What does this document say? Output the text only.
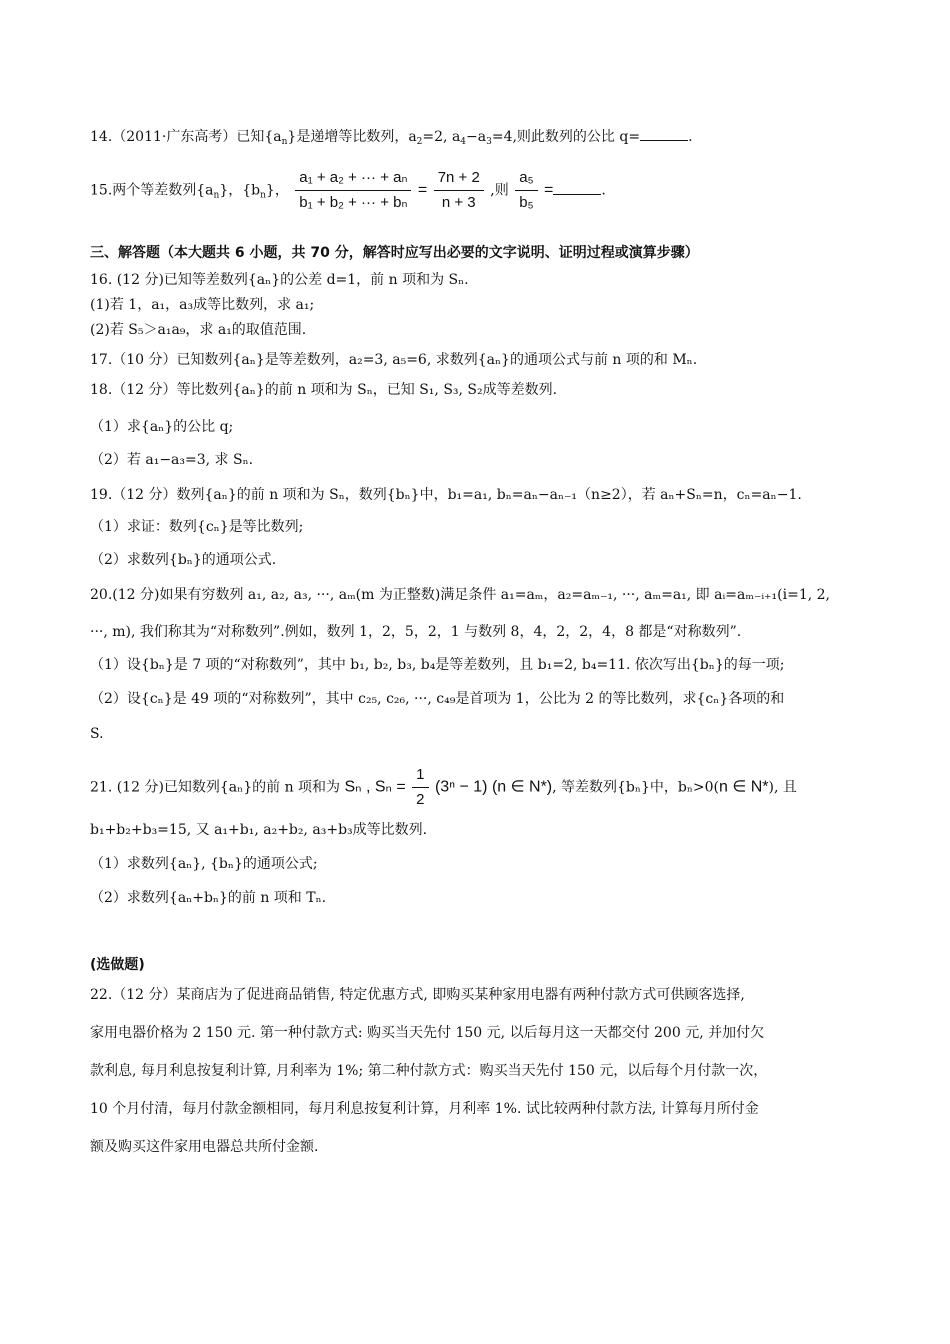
14.（2011·广东高考）已知$\{a_n\}$是递增等比数列，$a_2=2$, $a_4-a_3=4$,则此数列的公比 q=	.
15.两个等差数列$\{a_n\}$，$\{b_n\}$， $\frac{\text{a₁ + a₂ + ··· + aₙ}}{\text{b₁ + b₂ + ··· + bₙ}} = \frac{7n + 2}{n + 3}$ ,则 $\frac{\text{a₅}}{\text{b₅}}$ =	.
三、解答题（本大题共 6 小题，共 70 分，解答时应写出必要的文字说明、证明过程或演算步骤）
16. (12 分)已知等差数列{aₙ}的公差 d=1，前 n 项和为 Sₙ.
(1)若 1，a₁，a₃成等比数列，求 a₁;
(2)若 S₅＞a₁a₉，求 a₁的取值范围.
17.（10 分）已知数列{aₙ}是等差数列，a₂=3, a₅=6, 求数列{aₙ}的通项公式与前 n 项的和 Mₙ.
18.（12 分）等比数列{aₙ}的前 n 项和为 Sₙ，已知 S₁, S₃, S₂成等差数列.
（1）求{aₙ}的公比 q;
（2）若 a₁−a₃=3, 求 Sₙ.
19.（12 分）数列{aₙ}的前 n 项和为 Sₙ，数列{bₙ}中，b₁=a₁, bₙ=aₙ−aₙ₋₁（n≥2），若 aₙ+Sₙ=n，cₙ=aₙ−1.
（1）求证：数列{cₙ}是等比数列;
（2）求数列{bₙ}的通项公式.
20.(12 分)如果有穷数列 a₁, a₂, a₃, ···, aₘ(m 为正整数)满足条件 a₁=aₘ，a₂=aₘ₋₁, ···, aₘ=a₁, 即 aᵢ=aₘ₋ᵢ₊₁(i=1, 2,
···, m), 我们称其为“对称数列”.例如，数列 1，2，5，2，1 与数列 8，4，2，2，4，8 都是“对称数列”.
（1）设{bₙ}是 7 项的“对称数列”，其中 b₁, b₂, b₃, b₄是等差数列，且 b₁=2, b₄=11. 依次写出{bₙ}的每一项;
（2）设{cₙ}是 49 项的“对称数列”，其中 c₂₅, c₂₆, ···, c₄₉是首项为 1，公比为 2 的等比数列，求{cₙ}各项的和
S.
21. (12 分)已知数列{aₙ}的前 n 项和为 Sₙ , $S_n = \frac{1}{2} (3^n - 1)$ (n ∈ N*), 等差数列{bₙ}中，bₙ>0(n ∈ N*), 且
b₁+b₂+b₃=15, 又 a₁+b₁, a₂+b₂, a₃+b₃成等比数列.
（1）求数列{aₙ}, {bₙ}的通项公式;
（2）求数列{aₙ+bₙ}的前 n 项和 Tₙ.
(选做题)
22.（12 分）某商店为了促进商品销售, 特定优惠方式, 即购买某种家用电器有两种付款方式可供顾客选择,
家用电器价格为 2 150 元. 第一种付款方式: 购买当天先付 150 元, 以后每月这一天都交付 200 元, 并加付欠
款利息, 每月利息按复利计算, 月利率为 1%; 第二种付款方式：购买当天先付 150 元，以后每个月付款一次，
10 个月付清，每月付款金额相同，每月利息按复利计算，月利率 1%. 试比较两种付款方法, 计算每月所付金
额及购买这件家用电器总共所付金额.
